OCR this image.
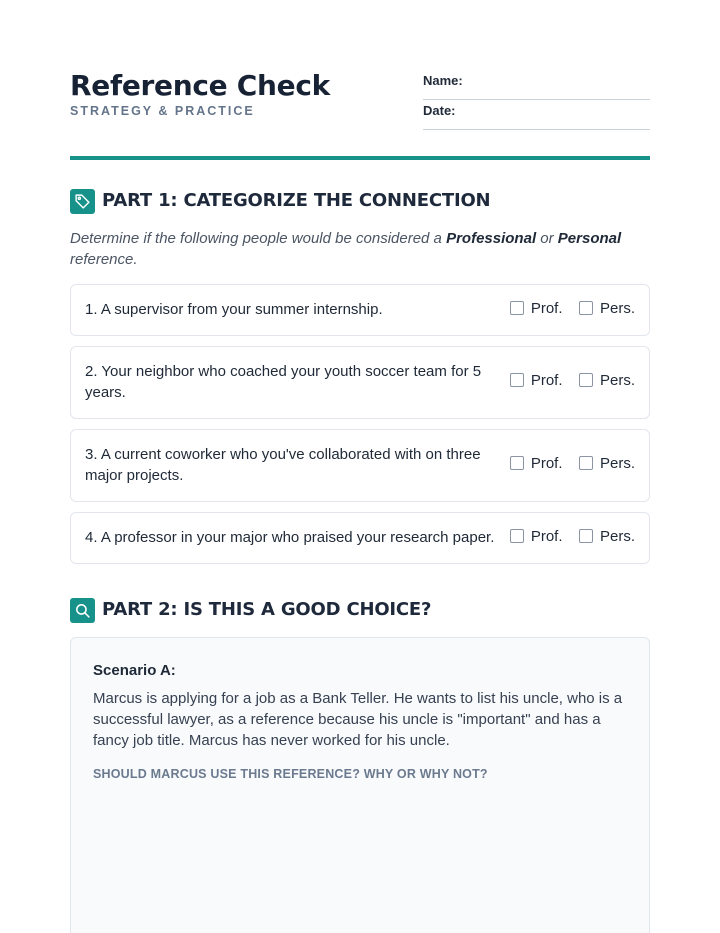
Reference Check
STRATEGY & PRACTICE
Name:
Date:
PART 1: CATEGORIZE THE CONNECTION
Determine if the following people would be considered a Professional or Personal reference.
1. A supervisor from your summer internship.	Prof. Pers.
2. Your neighbor who coached your youth soccer team for 5 years.
Prof. Pers.
3. A current coworker who you've collaborated with on three major projects.
Prof. Pers.
4. A professor in your major who praised your research paper.	Prof. Pers.
PART 2: IS THIS A GOOD CHOICE?
Scenario A:
Marcus is applying for a job as a Bank Teller. He wants to list his uncle, who is a successful lawyer, as a reference because his uncle is "important" and has a fancy job title. Marcus has never worked for his uncle.
SHOULD MARCUS USE THIS REFERENCE? WHY OR WHY NOT?
